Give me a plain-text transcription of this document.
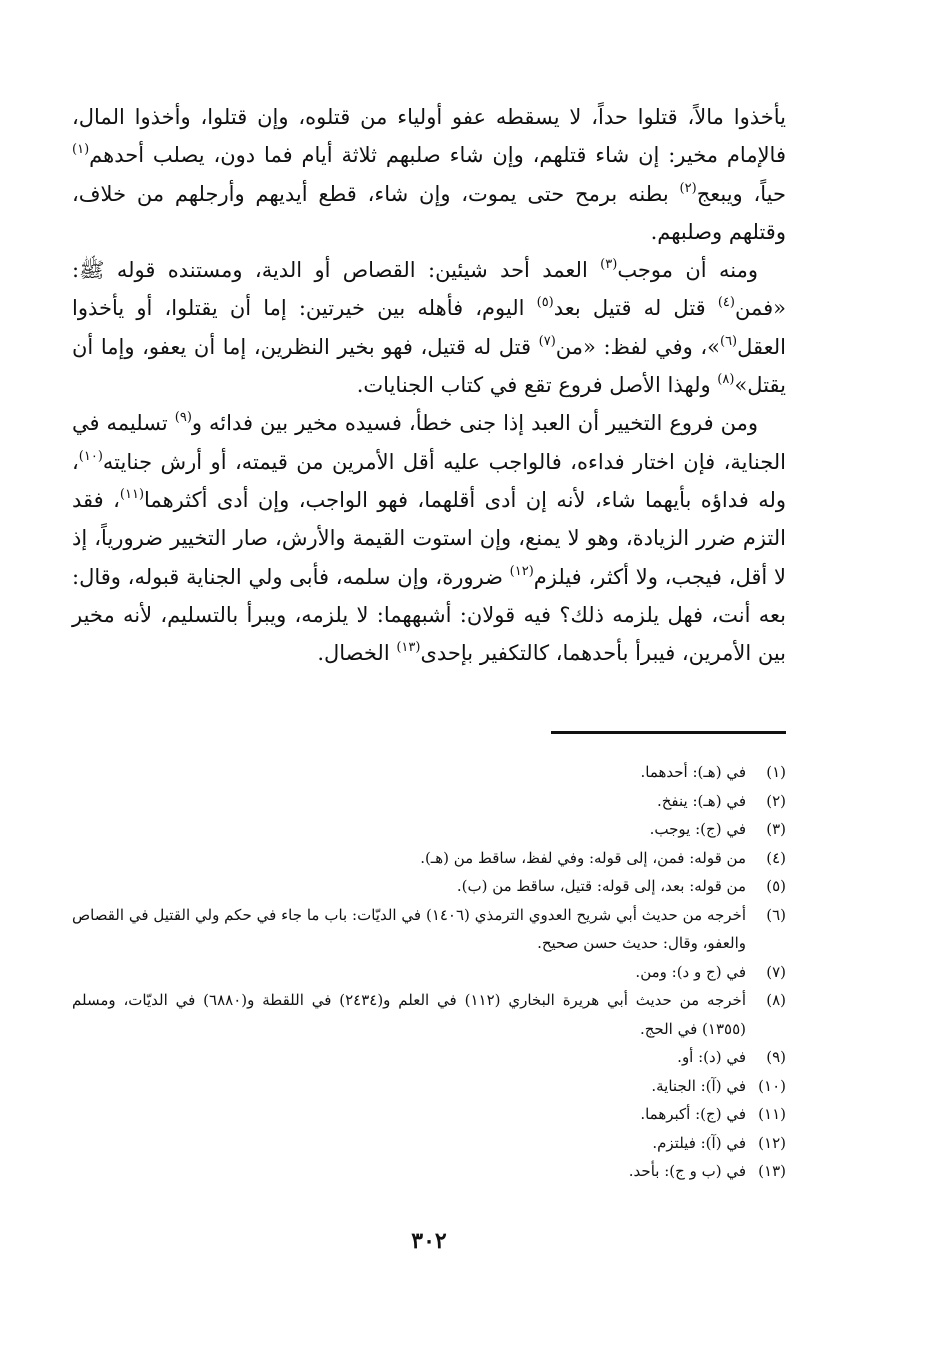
يأخذوا مالاً، قتلوا حداً، لا يسقطه عفو أولياء من قتلوه، وإن قتلوا، وأخذوا المال، فالإمام مخير: إن شاء قتلهم، وإن شاء صلبهم ثلاثة أيام فما دون، يصلب أحدهم$^{(١)}$ حياً، ويبعج$^{(٢)}$ بطنه برمح حتى يموت، وإن شاء، قطع أيديهم وأرجلهم من خلاف، وقتلهم وصلبهم.

ومنه أن موجب$^{(٣)}$ العمد أحد شيئين: القصاص أو الدية، ومستنده قوله ﷺ: «فمن$^{(٤)}$ قتل له قتيل بعد$^{(٥)}$ اليوم، فأهله بين خيرتين: إما أن يقتلوا، أو يأخذوا العقل$^{(٦)}$»، وفي لفظ: «من$^{(٧)}$ قتل له قتيل، فهو بخير النظرين، إما أن يعفو، وإما أن يقتل»$^{(٨)}$ ولهذا الأصل فروع تقع في كتاب الجنايات.

ومن فروع التخيير أن العبد إذا جنى خطأ، فسيده مخير بين فدائه و$^{(٩)}$ تسليمه في الجناية، فإن اختار فداءه، فالواجب عليه أقل الأمرين من قيمته، أو أرش جنايته$^{(١٠)}$، وله فداؤه بأيهما شاء، لأنه إن أدى أقلهما، فهو الواجب، وإن أدى أكثرهما$^{(١١)}$، فقد التزم ضرر الزيادة، وهو لا يمنع، وإن استوت القيمة والأرش، صار التخيير ضرورياً، إذ لا أقل، فيجب، ولا أكثر، فيلزم$^{(١٢)}$ ضرورة، وإن سلمه، فأبى ولي الجناية قبوله، وقال: بعه أنت، فهل يلزمه ذلك؟ فيه قولان: أشبههما: لا يلزمه، ويبرأ بالتسليم، لأنه مخير بين الأمرين، فيبرأ بأحدهما، كالتكفير بإحدى$^{(١٣)}$ الخصال.

(١)
في (هـ): أحدهما.
(٢)
في (هـ): ينفخ.
(٣)
في (ج): يوجب.
(٤)
من قوله: فمن، إلى قوله: وفي لفظ، ساقط من (هـ).
(٥)
من قوله: بعد، إلى قوله: قتيل، ساقط من (ب).
(٦)
أخرجه من حديث أبي شريح العدوي الترمذي (١٤٠٦) في الديّات: باب ما جاء في حكم ولي القتيل في القصاص والعفو، وقال: حديث حسن صحيح.
(٧)
في (ج و د): ومن.
(٨)
أخرجه من حديث أبي هريرة البخاري (١١٢) في العلم و(٢٤٣٤) في اللقطة و(٦٨٨٠) في الديّات، ومسلم (١٣٥٥) في الحج.
(٩)
في (د): أو.
(١٠)
في (آ): الجناية.
(١١)
في (ج): أكبرهما.
(١٢)
في (آ): فيلتزم.
(١٣)
في (ب و ج): بأحد.
٣٠٢
